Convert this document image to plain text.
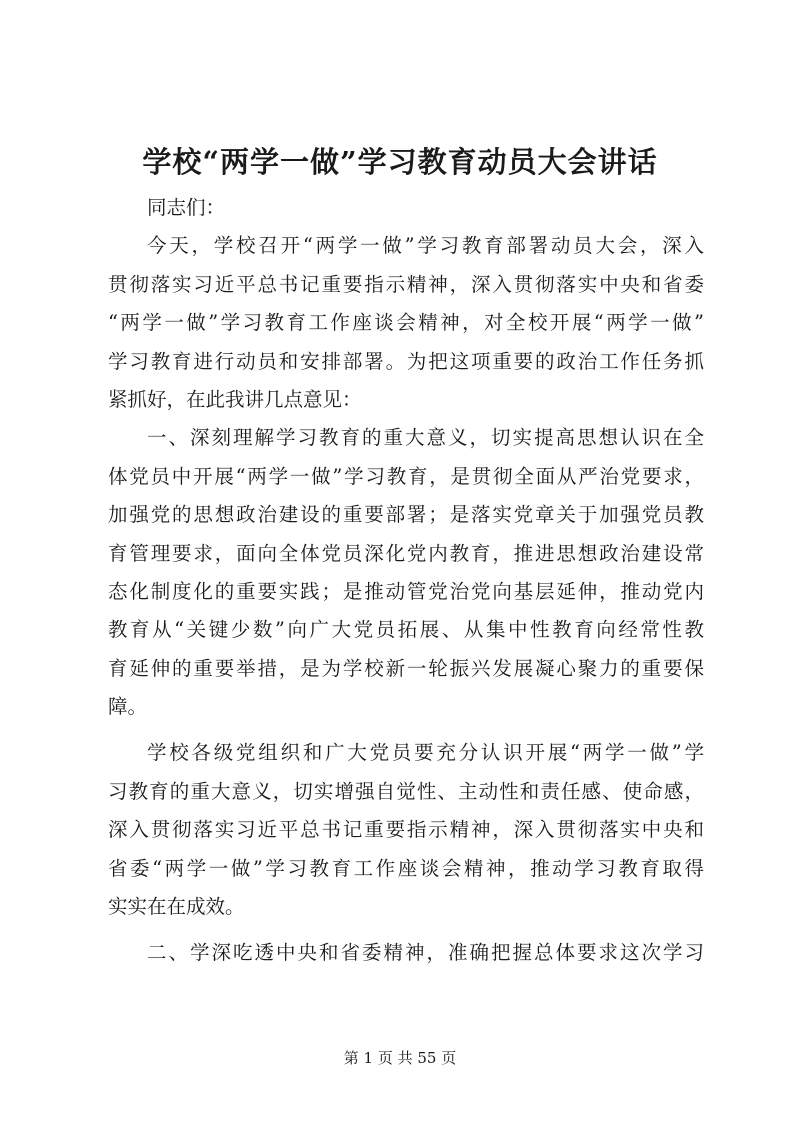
学校“两学一做”学习教育动员大会讲话
同志们：
今天，学校召开“两学一做”学习教育部署动员大会，深入
贯彻落实习近平总书记重要指示精神，深入贯彻落实中央和省委
“两学一做”学习教育工作座谈会精神，对全校开展“两学一做”
学习教育进行动员和安排部署。为把这项重要的政治工作任务抓
紧抓好，在此我讲几点意见：
一、深刻理解学习教育的重大意义，切实提高思想认识在全
体党员中开展“两学一做”学习教育，是贯彻全面从严治党要求，
加强党的思想政治建设的重要部署；是落实党章关于加强党员教
育管理要求，面向全体党员深化党内教育，推进思想政治建设常
态化制度化的重要实践；是推动管党治党向基层延伸，推动党内
教育从“关键少数”向广大党员拓展、从集中性教育向经常性教
育延伸的重要举措，是为学校新一轮振兴发展凝心聚力的重要保
障。
学校各级党组织和广大党员要充分认识开展“两学一做”学
习教育的重大意义，切实增强自觉性、主动性和责任感、使命感，
深入贯彻落实习近平总书记重要指示精神，深入贯彻落实中央和
省委“两学一做”学习教育工作座谈会精神，推动学习教育取得
实实在在成效。
二、学深吃透中央和省委精神，准确把握总体要求这次学习
第 1 页 共 55 页
